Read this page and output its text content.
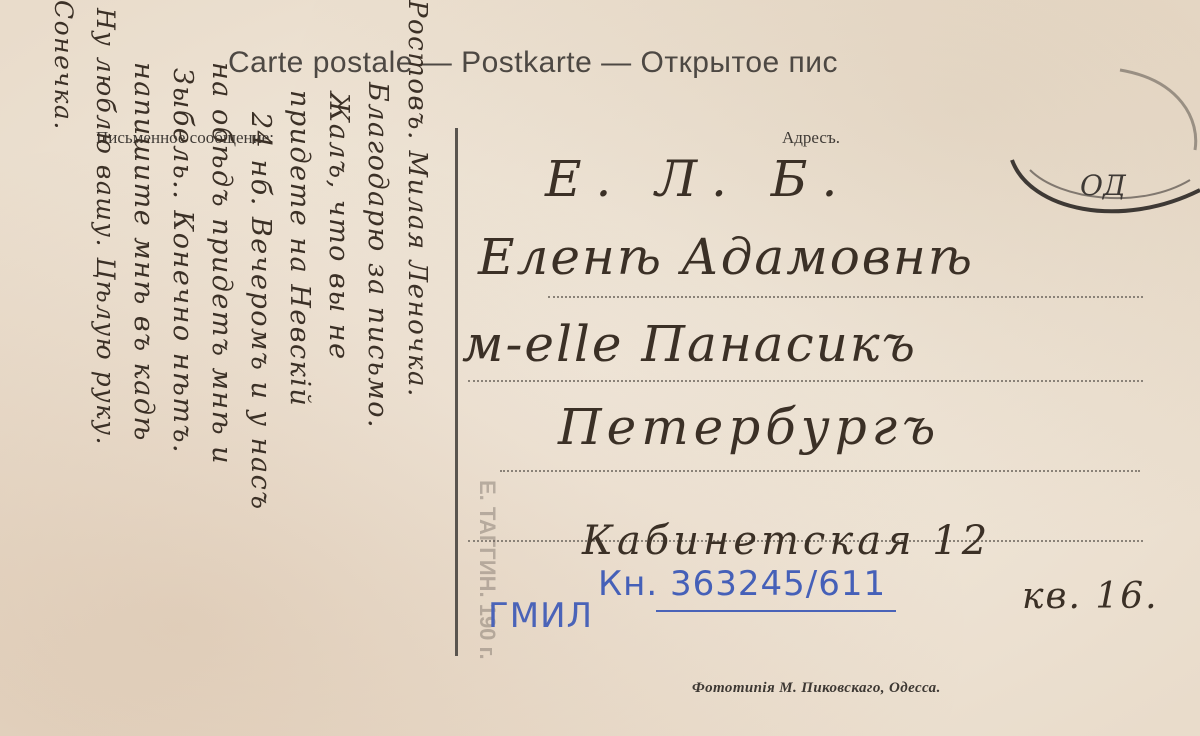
Carte postale — Postkarte — Открытое пис
Письменное сообщение:	Адресъ.
ОД
Е. Л. Б.
Еленѣ Адамовнѣ
м-elle Панасикъ
Петербургъ
Кабинетская 12
кв. 16.
Е. ТАГГИН. 190 г.
ГМИЛ
Кн. 363245/611
Ростовъ. Милая Леночка.
Благодарю за письмо.
Жалъ, что вы не
придете на Невскій
24 нб. Вечеромъ и у насъ
на обѣдъ придетъ мнѣ и
Зыбель.. Конечно нѣтъ.
напишите мнѣ въ кадѣ
Ну люблю вашу. Цѣлую руку.
Сонечка.
Фототипія М. Пиковскаго, Одесса.
